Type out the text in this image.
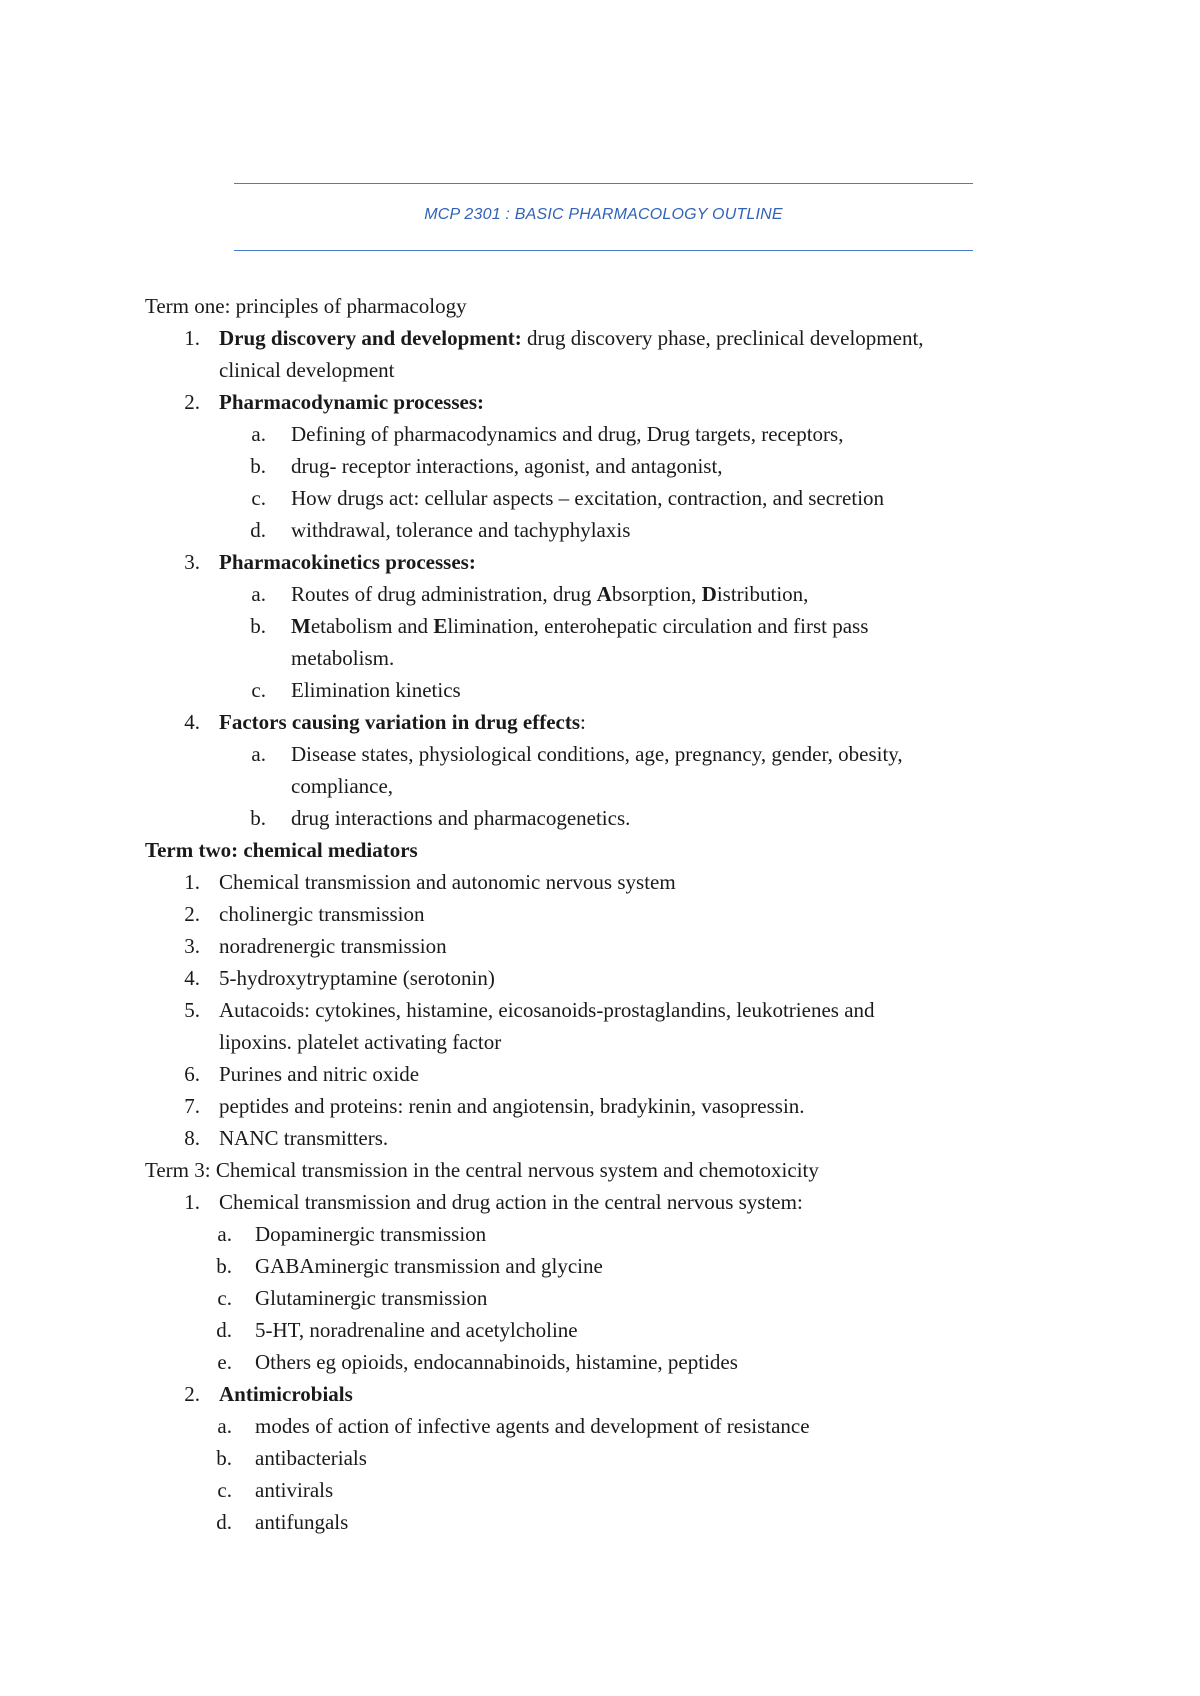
MCP 2301 : BASIC PHARMACOLOGY OUTLINE
Term one: principles of pharmacology
1. Drug discovery and development: drug discovery phase, preclinical development,
clinical development
2. Pharmacodynamic processes:
a. Defining of pharmacodynamics and drug, Drug targets, receptors,
b. drug- receptor interactions, agonist, and antagonist,
c. How drugs act: cellular aspects – excitation, contraction, and secretion
d. withdrawal, tolerance and tachyphylaxis
3. Pharmacokinetics processes:
a. Routes of drug administration, drug Absorption, Distribution,
b. Metabolism and Elimination, enterohepatic circulation and first pass
metabolism.
c. Elimination kinetics
4. Factors causing variation in drug effects:
a. Disease states, physiological conditions, age, pregnancy, gender, obesity,
compliance,
b. drug interactions and pharmacogenetics.
Term two: chemical mediators
1. Chemical transmission and autonomic nervous system
2. cholinergic transmission
3. noradrenergic transmission
4. 5-hydroxytryptamine (serotonin)
5. Autacoids: cytokines, histamine, eicosanoids-prostaglandins, leukotrienes and
lipoxins. platelet activating factor
6. Purines and nitric oxide
7. peptides and proteins: renin and angiotensin, bradykinin, vasopressin.
8. NANC transmitters.
Term 3: Chemical transmission in the central nervous system and chemotoxicity
1. Chemical transmission and drug action in the central nervous system:
a. Dopaminergic transmission
b. GABAminergic transmission and glycine
c. Glutaminergic transmission
d. 5-HT, noradrenaline and acetylcholine
e. Others eg opioids, endocannabinoids, histamine, peptides
2. Antimicrobials
a. modes of action of infective agents and development of resistance
b. antibacterials
c. antivirals
d. antifungals
